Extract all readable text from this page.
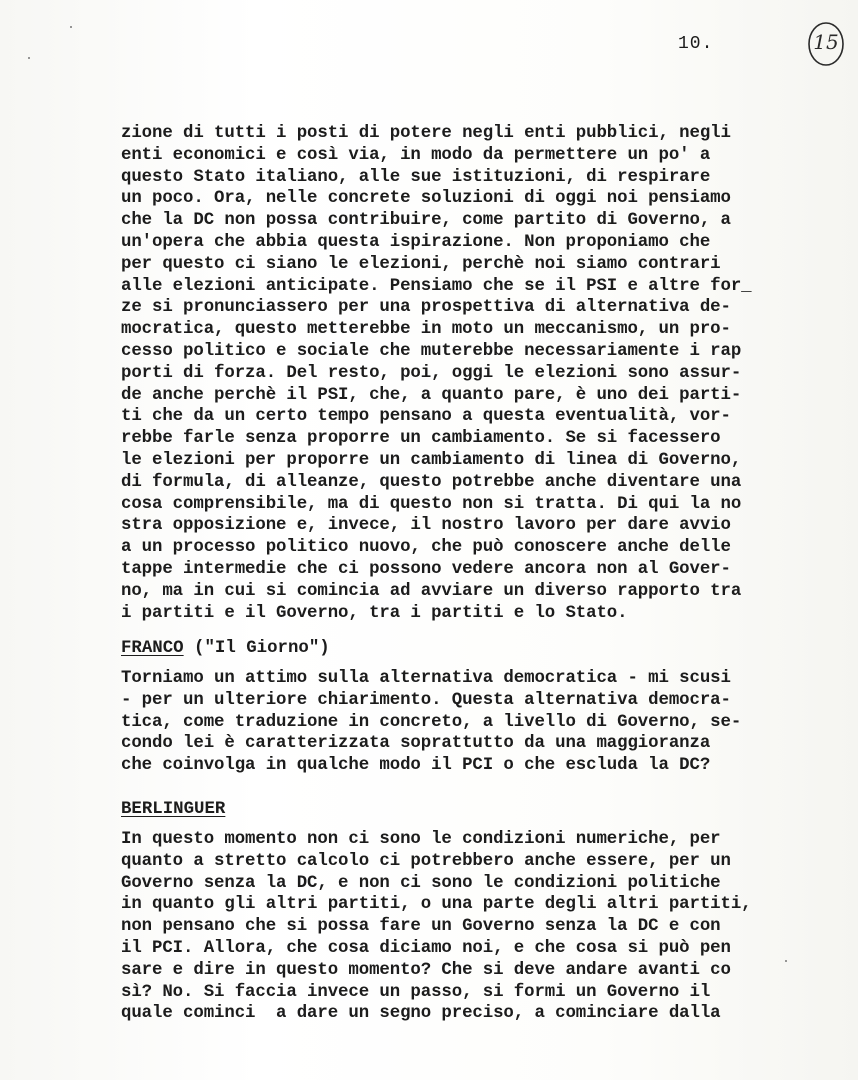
10.	15
zione di tutti i posti di potere negli enti pubblici, negli
enti economici e così via, in modo da permettere un po' a
questo Stato italiano, alle sue istituzioni, di respirare
un poco. Ora, nelle concrete soluzioni di oggi noi pensiamo
che la DC non possa contribuire, come partito di Governo, a
un'opera che abbia questa ispirazione. Non proponiamo che
per questo ci siano le elezioni, perchè noi siamo contrari
alle elezioni anticipate. Pensiamo che se il PSI e altre for_
ze si pronunciassero per una prospettiva di alternativa de-
mocratica, questo metterebbe in moto un meccanismo, un pro-
cesso politico e sociale che muterebbe necessariamente i rap
porti di forza. Del resto, poi, oggi le elezioni sono assur-
de anche perchè il PSI, che, a quanto pare, è uno dei parti-
ti che da un certo tempo pensano a questa eventualità, vor-
rebbe farle senza proporre un cambiamento. Se si facessero
le elezioni per proporre un cambiamento di linea di Governo,
di formula, di alleanze, questo potrebbe anche diventare una
cosa comprensibile, ma di questo non si tratta. Di qui la no
stra opposizione e, invece, il nostro lavoro per dare avvio
a un processo politico nuovo, che può conoscere anche delle
tappe intermedie che ci possono vedere ancora non al Gover-
no, ma in cui si comincia ad avviare un diverso rapporto tra
i partiti e il Governo, tra i partiti e lo Stato.
FRANCO ("Il Giorno")
Torniamo un attimo sulla alternativa democratica - mi scusi
- per un ulteriore chiarimento. Questa alternativa democra-
tica, come traduzione in concreto, a livello di Governo, se-
condo lei è caratterizzata soprattutto da una maggioranza
che coinvolga in qualche modo il PCI o che escluda la DC?
BERLINGUER
In questo momento non ci sono le condizioni numeriche, per
quanto a stretto calcolo ci potrebbero anche essere, per un
Governo senza la DC, e non ci sono le condizioni politiche
in quanto gli altri partiti, o una parte degli altri partiti,
non pensano che si possa fare un Governo senza la DC e con
il PCI. Allora, che cosa diciamo noi, e che cosa si può pen
sare e dire in questo momento? Che si deve andare avanti co
sì? No. Si faccia invece un passo, si formi un Governo il
quale cominci  a dare un segno preciso, a cominciare dalla
